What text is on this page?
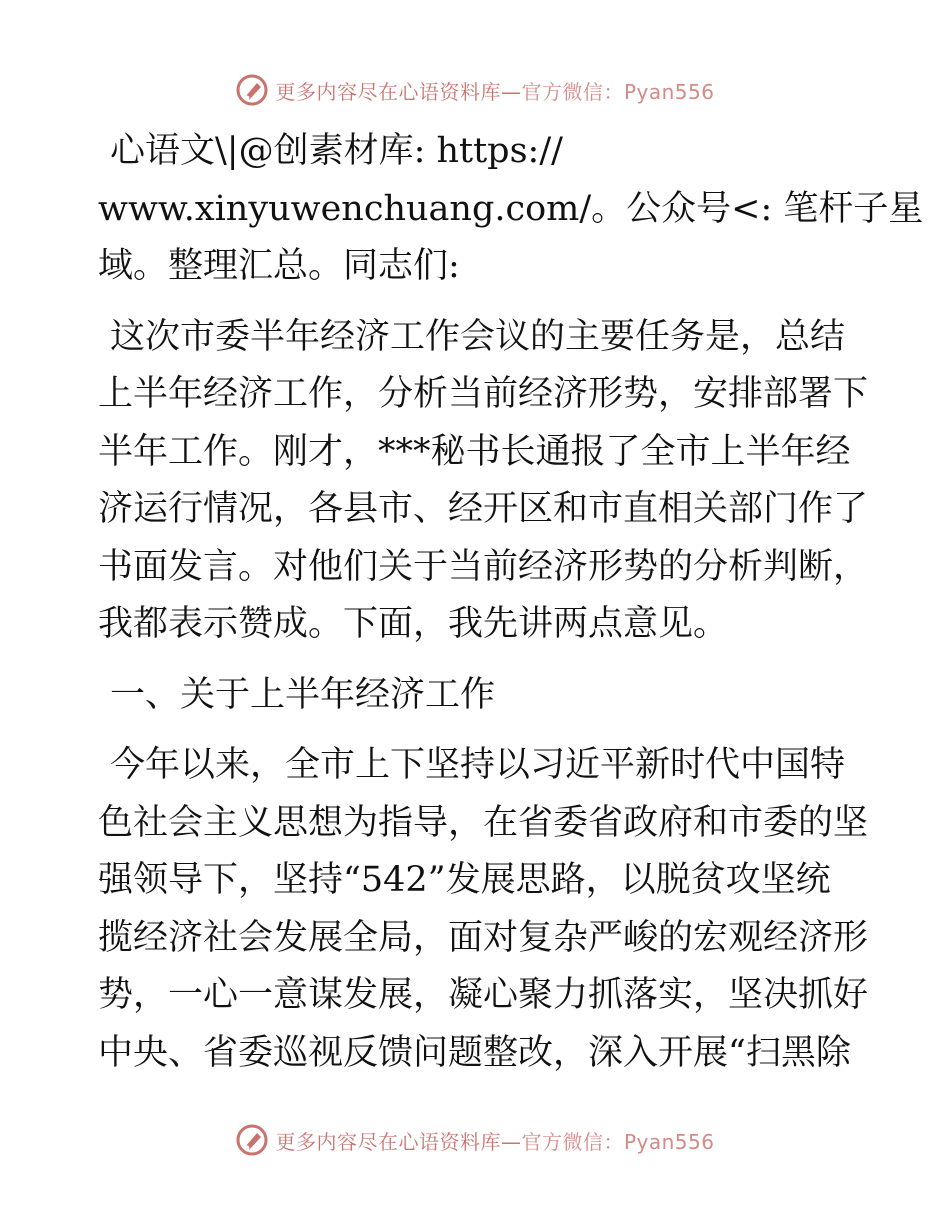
更多内容尽在心语资料库— 官方微信：Pyan556

心语文\|@创素材库: https://
www.xinyuwenchuang.com/。公众号<: 笔杆子星
域。整理汇总。同志们:

这次市委半年经济工作会议的主要任务是，总结
上半年经济工作，分析当前经济形势，安排部署下
半年工作。刚才，***秘书长通报了全市上半年经
济运行情况，各县市、经开区和市直相关部门作了
书面发言。对他们关于当前经济形势的分析判断，
我都表示赞成。下面，我先讲两点意见。

一、关于上半年经济工作

今年以来，全市上下坚持以习近平新时代中国特
色社会主义思想为指导，在省委省政府和市委的坚
强领导下，坚持“542”发展思路，以脱贫攻坚统
揽经济社会发展全局，面对复杂严峻的宏观经济形
势，一心一意谋发展，凝心聚力抓落实，坚决抓好
中央、省委巡视反馈问题整改，深入开展“扫黑除

更多内容尽在心语资料库— 官方微信：Pyan556
